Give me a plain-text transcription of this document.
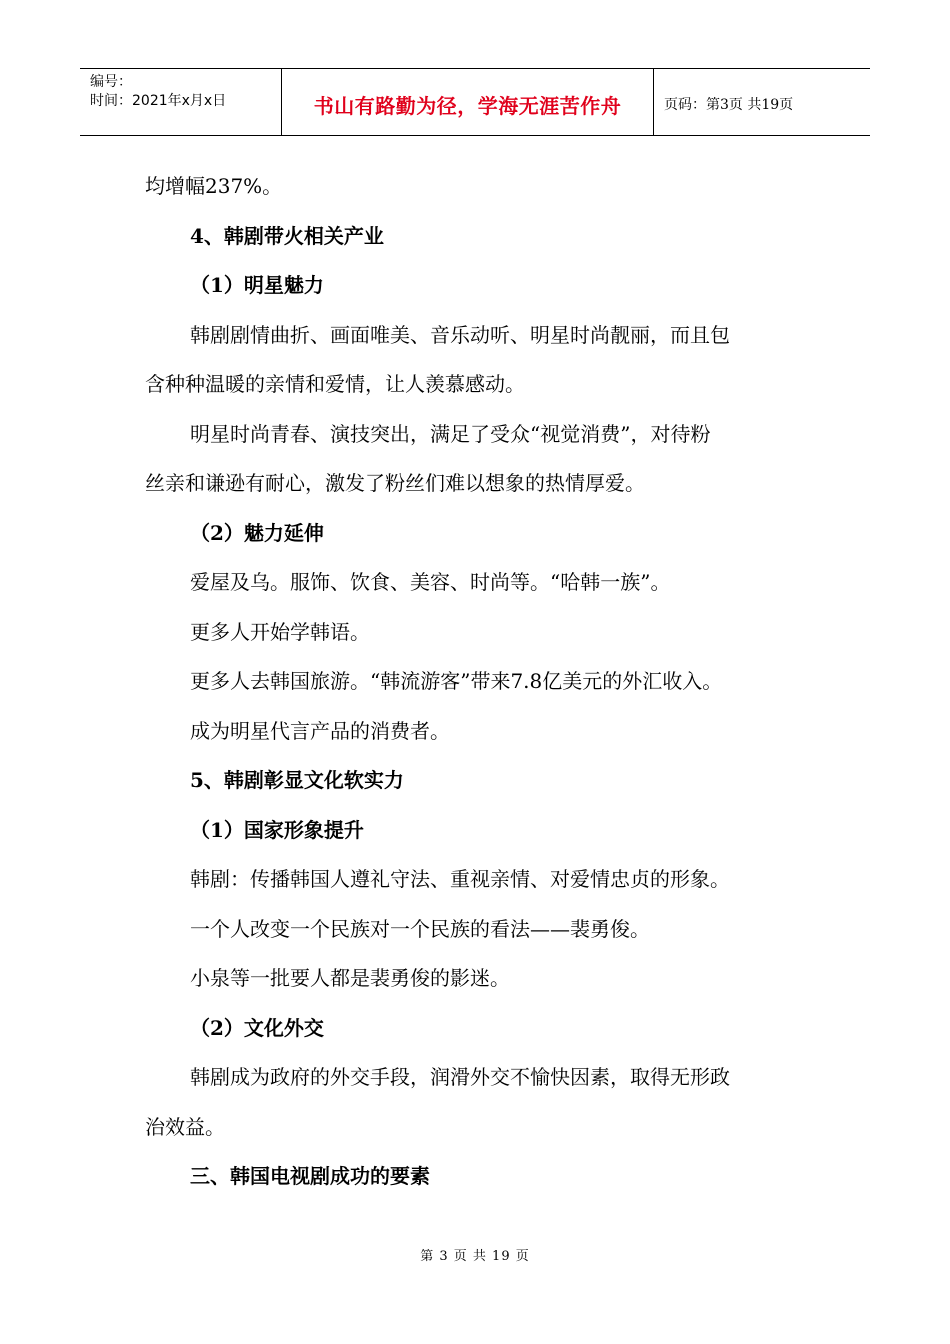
编号：
时间：2021年x月x日	书山有路勤为径，学海无涯苦作舟	页码：第3页 共19页

均增幅237%。

4、韩剧带火相关产业

（1）明星魅力

韩剧剧情曲折、画面唯美、音乐动听、明星时尚靓丽，而且包

含种种温暖的亲情和爱情，让人羡慕感动。

明星时尚青春、演技突出，满足了受众“视觉消费”，对待粉

丝亲和谦逊有耐心，激发了粉丝们难以想象的热情厚爱。

（2）魅力延伸

爱屋及乌。服饰、饮食、美容、时尚等。“哈韩一族”。

更多人开始学韩语。

更多人去韩国旅游。“韩流游客”带来7.8亿美元的外汇收入。

成为明星代言产品的消费者。

5、韩剧彰显文化软实力

（1）国家形象提升

韩剧：传播韩国人遵礼守法、重视亲情、对爱情忠贞的形象。

一个人改变一个民族对一个民族的看法——裴勇俊。

小泉等一批要人都是裴勇俊的影迷。

（2）文化外交

韩剧成为政府的外交手段，润滑外交不愉快因素，取得无形政

治效益。

三、韩国电视剧成功的要素

第 3 页 共 19 页
